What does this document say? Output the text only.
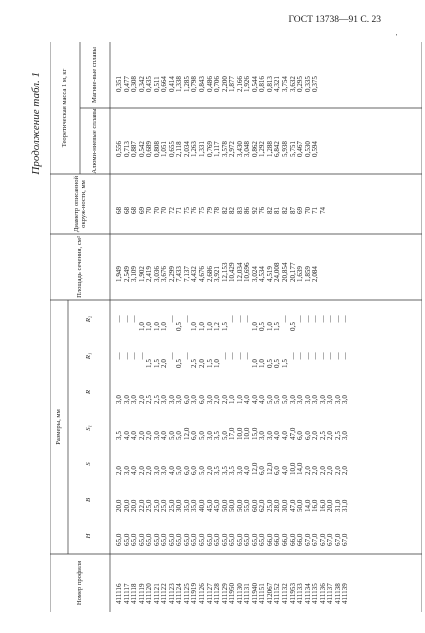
ГОСТ 13738—91 С. 23
'
Продолжение табл. 1
Номер профиля
Размеры, мм
H
B
S
S₁
R
R₁
R₂
Площадь сечения, см²
Диаметр описанной окруж-ности, мм
Теоретическая масса 1 м, кг	Алюми-ниевые сплавы
Магние-вые сплавы
411116 411117 411118 411119 411120 411121 411122 411123 411124 411125 411919 411126 411127 411128 411129 411950 411130 411131 411940 411151 412067 411152 411132 411953 411133 411134 411135 411136 411137 411138 411139
65,0 65,0 65,0 65,0 65,0 65,0 65,0 65,0 65,0 65,0 65,0 65,0 65,0 65,0 65,0 65,0 65,0 65,0 65,0 65,0 66,0 66,0 66,0 66,0 66,0 67,0 67,0 67,0 67,0 67,0 67,0
20,0 20,0 20,0 22,0 25,0 25,0 25,0 25,0 30,0 35,0 35,0 40,0 45,0 45,0 50,0 50,0 50,0 55,0 60,0 62,0 25,0 28,0 30,0 47,0 50,0 14,0 16,0 16,0 20,0 31,0 31,0
2,0 3,0 4,0 2,0 2,0 3,0 3,0 4,0 5,0 6,0 6,0 5,0 2,0 3,5 3,5 3,5 3,0 4,0 12,0 6,0 12,0 6,0 4,0 10,0 14,0 2,0 2,0 2,0 2,0 2,0 2,0
3,5 4,0 4,0 2,0 2,0 3,0 4,0 5,0 5,0 12,0 6,0 5,0 3,0 3,5 5,0 17,0 10,0 10,0 15,0 3,0 3,0 4,0 4,0 47,0 6,0 6,0 2,0 2,5 2,0 2,5 3,0
3,0 3,0 3,0 2,0 2,5 2,5 3,0 3,0 3,0 6,0 3,0 6,0 3,0 2,0 2,0 1,0 1,0 4,0 4,0 4,0 5,0 5,0 5,0 3,0 3,0 3,0 3,0 3,0 3,0 3,0 3,0
— — — —
1,5 1,5 2,0
—
0,5
—
2,5 2,0 1,5 1,0
— — — —
1,0 1,0 0,5 0,5 1,5
— — — — — — — —
— — —
1,0 1,0 1,0 1,0
—
0,5
—
1,0 1,0 1,0 1,2 1,5
— — —
1,0 0,5 1,0 1,5
—
0,5
— — — — — — —
1,949 2,549 3,109 1,902 2,419 3,036 3,676 2,299 7,433 7,137 4,432 4,676 2,686 3,921 12,153 10,429 12,034 10,696 3,024 4,534 4,519 24,008 20,854 20,177 1,639 1,859 2,084
68 68 68 69 70 70 70 72 71 75 76 75 79 78 82 82 83 86 92 76 82 81 82 87 69 70 71 74
0,556 0,713 0,887 0,542 0,689 0,808 1,051 0,655 2,118 2,034 1,263 1,331 0,769 1,117 3,578 2,972 3,430 3,048 0,862 1,292 1,288 6,842 5,938 5,751 0,467 0,530 0,594
0,351 0,477 0,308 0,342 0,435 0,511 0,664 0,414 1,338 1,285 0,798 0,843 0,486 0,706 2,200 1,877 2,166 1,926 0,544 0,816 0,813 4,321 3,754 3,632 0,295 0,335 0,375
